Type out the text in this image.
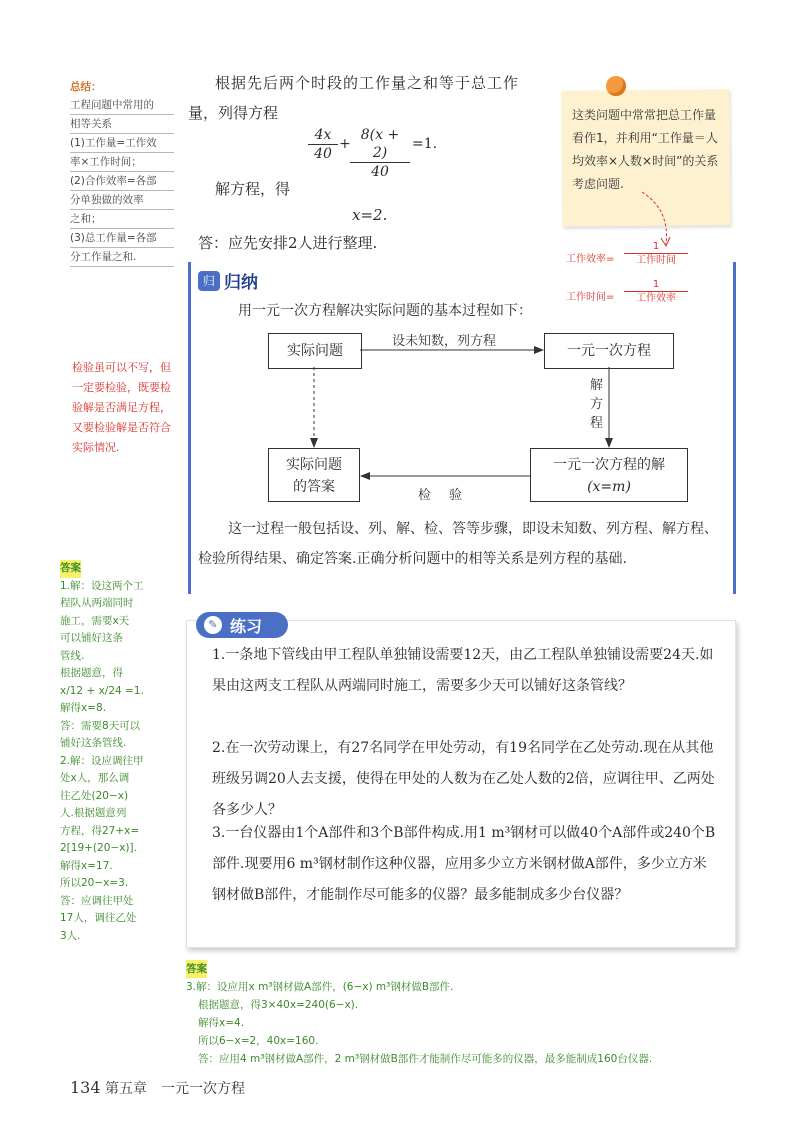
总结：
工程问题中常用的
相等关系
(1)工作量=工作效
率×工作时间；
(2)合作效率=各部
分单独做的效率
之和；
(3)总工作量=各部
分工作量之和.
根据先后两个时段的工作量之和等于总工作
量，列得方程
$\frac{4x}{40} + \frac{8(x + 2)}{40} =1$.
解方程，得
x=2.
答：应先安排2人进行整理.
这类问题中常常把总工作量看作1，并利用“工作量＝人均效率×人数×时间”的关系考虑问题.
工作效率=
1
工作时间
工作时间=
1
工作效率
归 归纳
用一元一次方程解决实际问题的基本过程如下：
实际问题	一元一次方程
实际问题
的答案
一元一次方程的解
(x=m)
设未知数，列方程
解方程
检验
这一过程一般包括设、列、解、检、答等步骤，即设未知数、列方程、解方程、检验所得结果、确定答案.正确分析问题中的相等关系是列方程的基础.
检验虽可以不写，但一定要检验，既要检验解是否满足方程，又要检验解是否符合实际情况.
✎ 练习
1.一条地下管线由甲工程队单独铺设需要12天，由乙工程队单独铺设需要24天.如果由这两支工程队从两端同时施工，需要多少天可以铺好这条管线？
2.在一次劳动课上，有27名同学在甲处劳动，有19名同学在乙处劳动.现在从其他班级另调20人去支援，使得在甲处的人数为在乙处人数的2倍，应调往甲、乙两处各多少人？
3.一台仪器由1个A部件和3个B部件构成.用1 m³钢材可以做40个A部件或240个B部件.现要用6 m³钢材制作这种仪器，应用多少立方米钢材做A部件，多少立方米钢材做B部件，才能制作尽可能多的仪器？最多能制成多少台仪器？
答案
1.解：设这两个工
程队从两端同时
施工，需要x天
可以铺好这条
管线.
根据题意，得
x/12 + x/24 =1.
解得x=8.
答：需要8天可以
铺好这条管线.
2.解：设应调往甲
处x人，那么调
往乙处(20−x)
人.根据题意列
方程，得27+x=
2[19+(20−x)].
解得x=17.
所以20−x=3.
答：应调往甲处
17人，调往乙处
3人.
答案
3.解：设应用x m³钢材做A部件，(6−x) m³钢材做B部件.
根据题意，得3×40x=240(6−x).
解得x=4.
所以6−x=2，40x=160.
答：应用4 m³钢材做A部件，2 m³钢材做B部件才能制作尽可能多的仪器，最多能制成160台仪器.
134 第五章　一元一次方程
